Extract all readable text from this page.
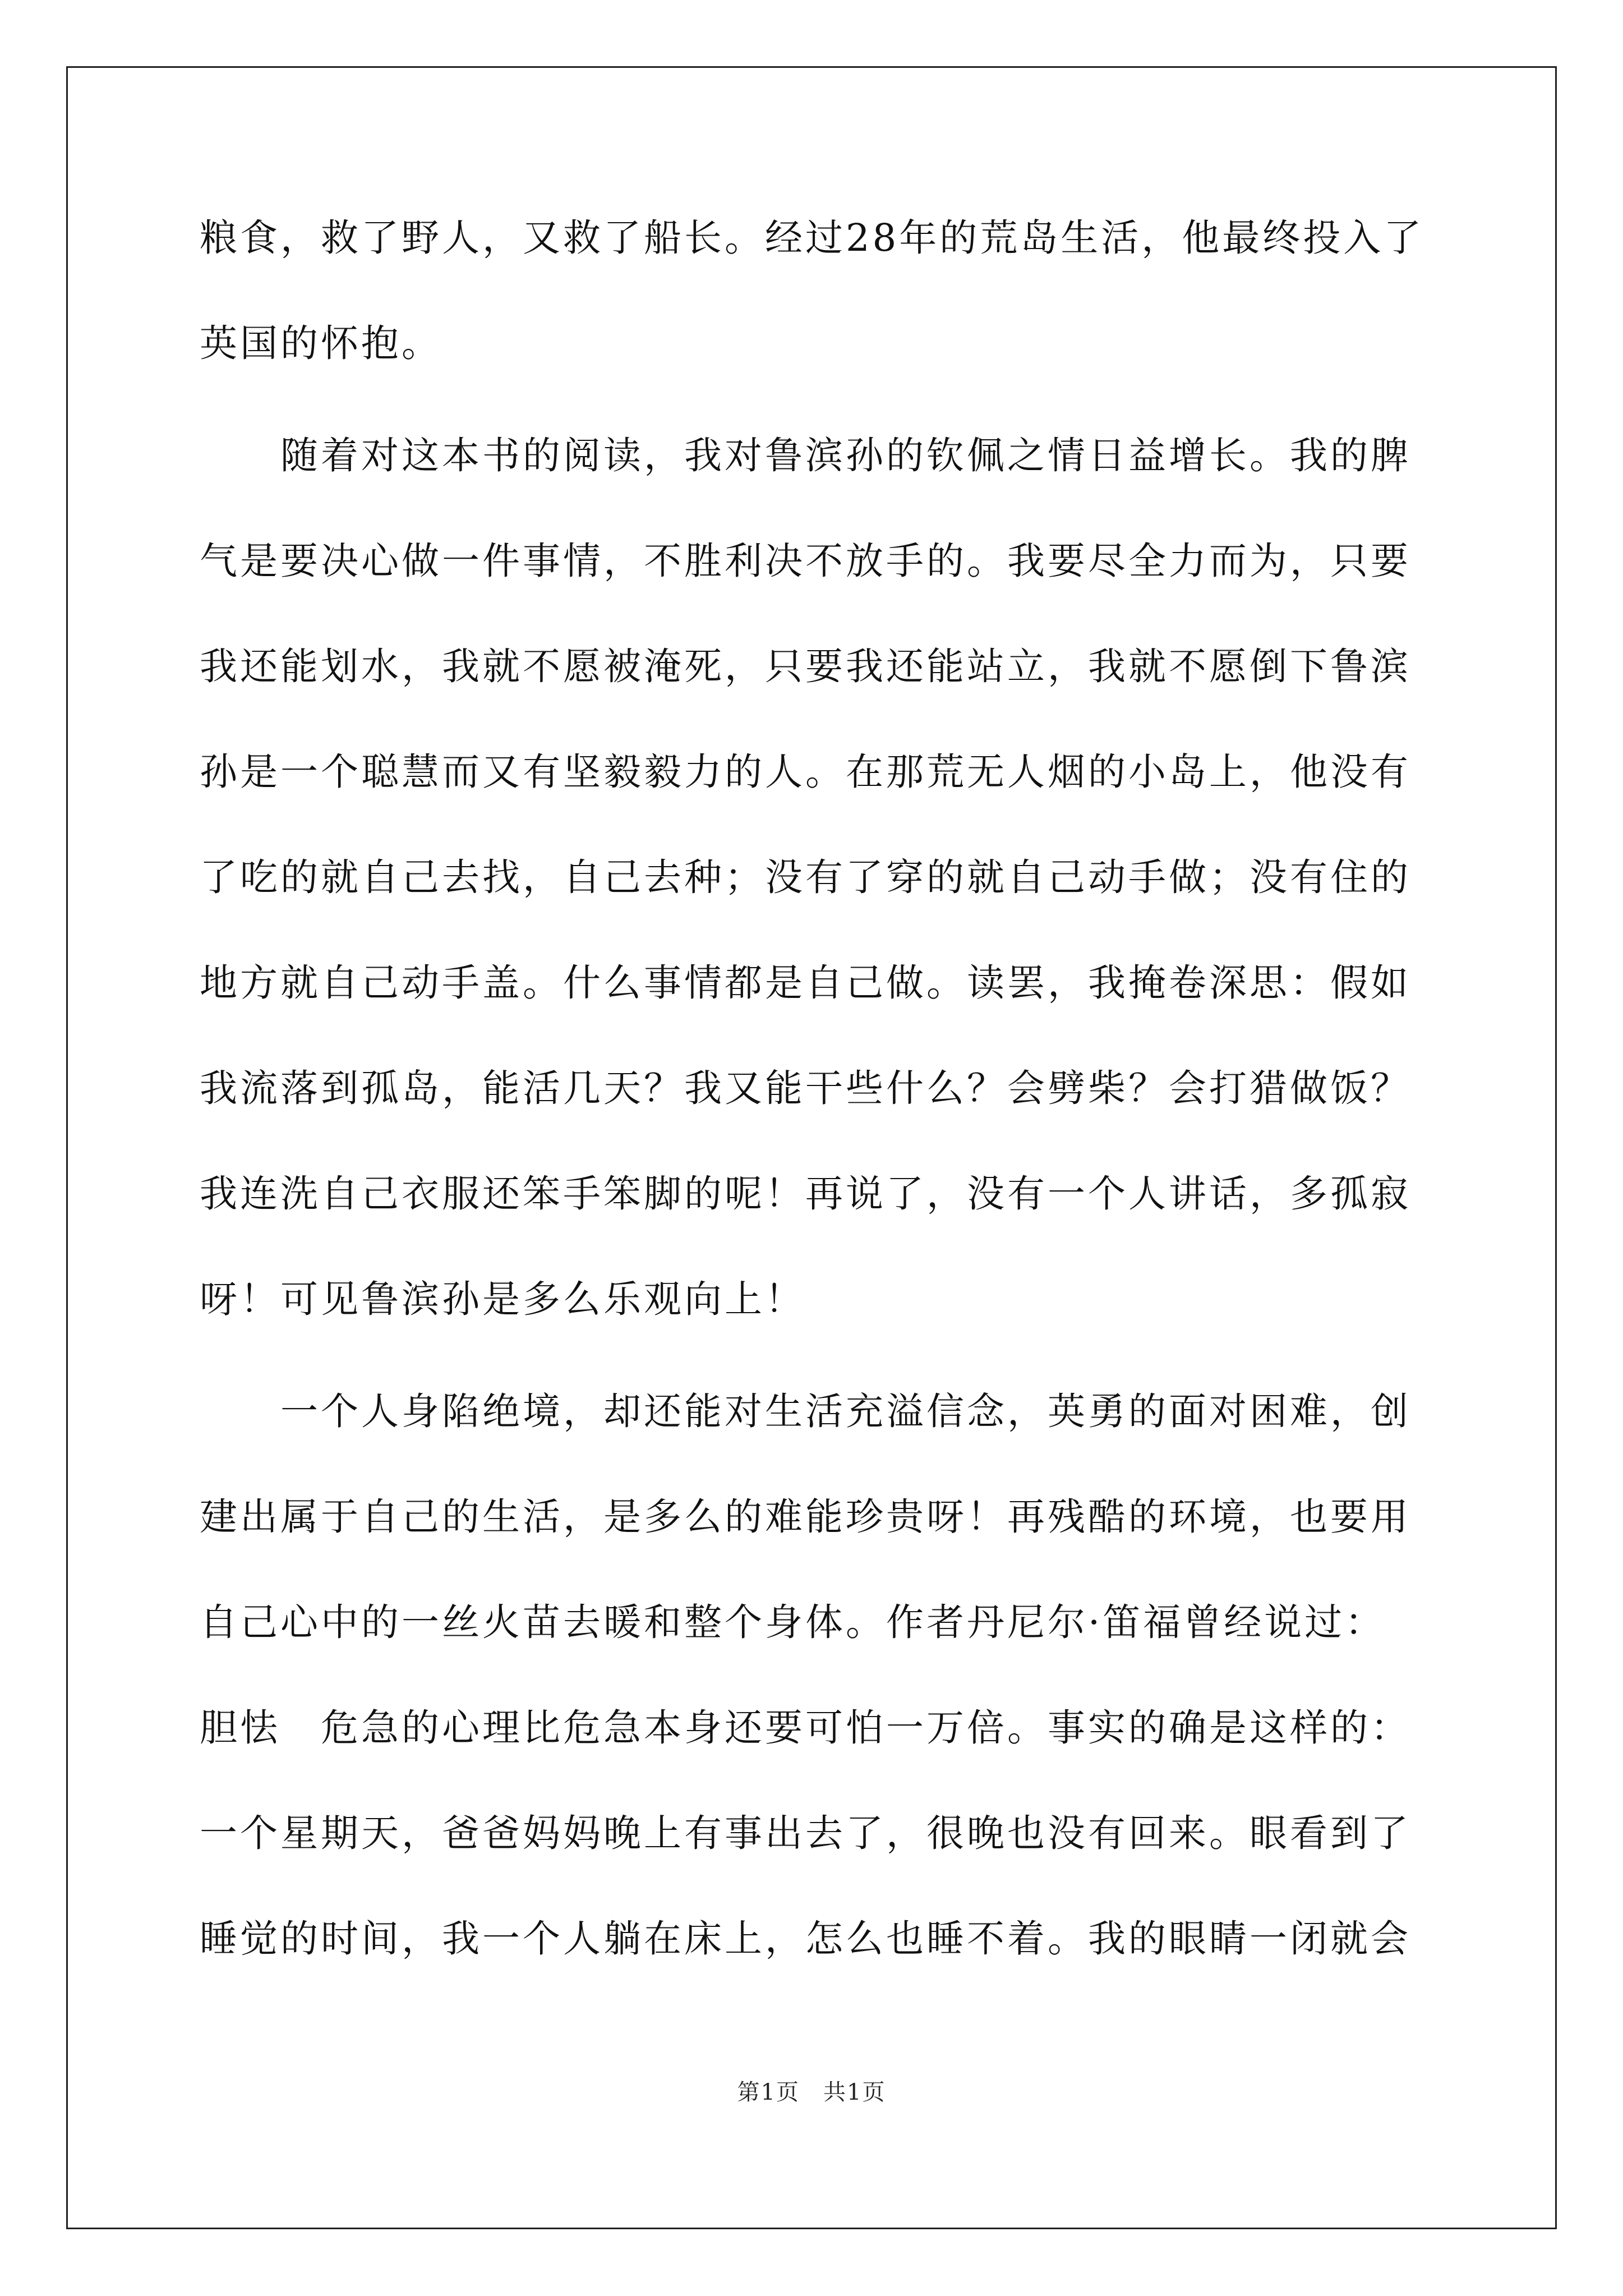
粮食，救了野人，又救了船长。经过28年的荒岛生活，他最终投入了
英国的怀抱。
　　随着对这本书的阅读，我对鲁滨孙的钦佩之情日益增长。我的脾
气是要决心做一件事情，不胜利决不放手的。我要尽全力而为，只要
我还能划水，我就不愿被淹死，只要我还能站立，我就不愿倒下鲁滨
孙是一个聪慧而又有坚毅毅力的人。在那荒无人烟的小岛上，他没有
了吃的就自己去找，自己去种；没有了穿的就自己动手做；没有住的
地方就自己动手盖。什么事情都是自己做。读罢，我掩卷深思：假如
我流落到孤岛，能活几天？我又能干些什么？会劈柴？会打猎做饭？
我连洗自己衣服还笨手笨脚的呢！再说了，没有一个人讲话，多孤寂
呀！可见鲁滨孙是多么乐观向上！
　　一个人身陷绝境，却还能对生活充溢信念，英勇的面对困难，创
建出属于自己的生活，是多么的难能珍贵呀！再残酷的环境，也要用
自己心中的一丝火苗去暖和整个身体。作者丹尼尔·笛福曾经说过：
胆怯　危急的心理比危急本身还要可怕一万倍。事实的确是这样的：
一个星期天，爸爸妈妈晚上有事出去了，很晚也没有回来。眼看到了
睡觉的时间，我一个人躺在床上，怎么也睡不着。我的眼睛一闭就会
第1页　共1页
